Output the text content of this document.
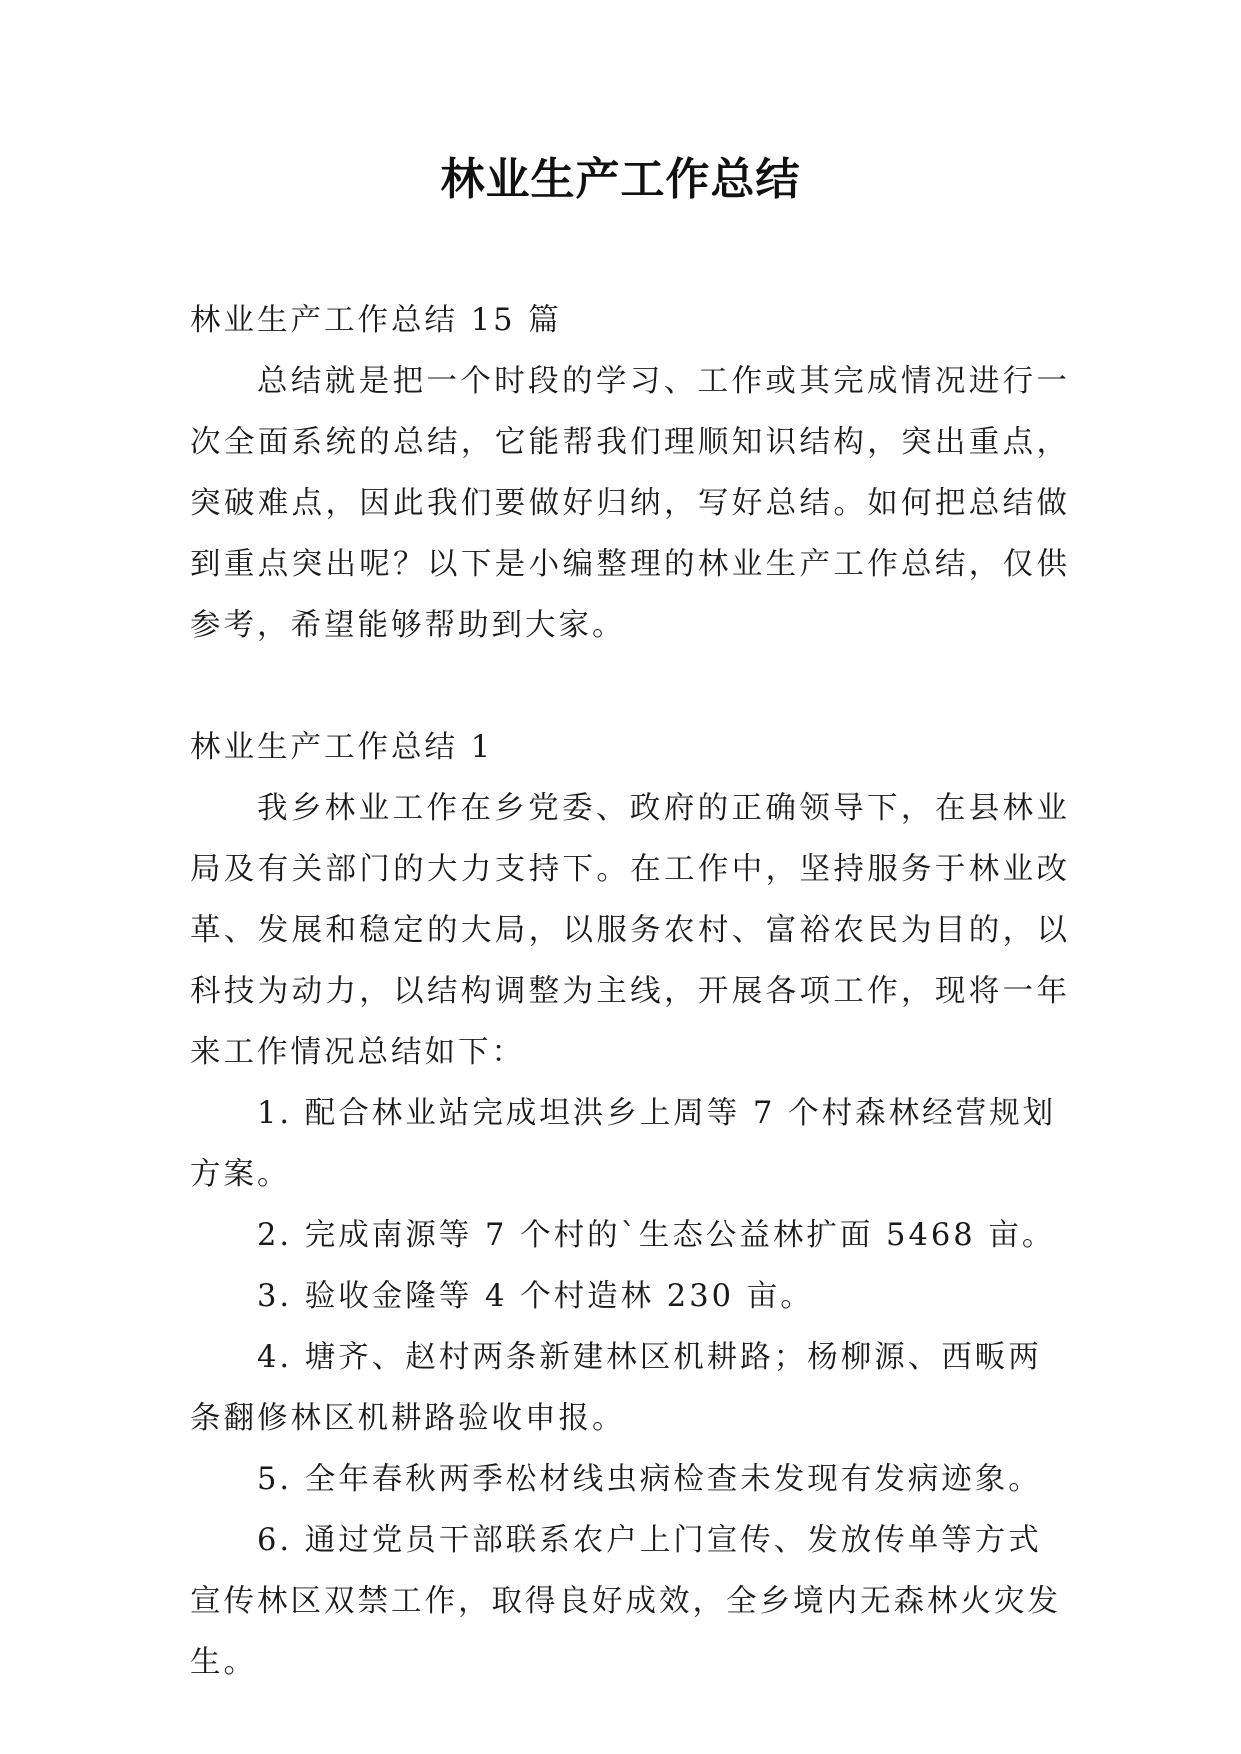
林业生产工作总结

林业生产工作总结 15 篇

总结就是把一个时段的学习、工作或其完成情况进行一次全面系统的总结，它能帮我们理顺知识结构，突出重点，突破难点，因此我们要做好归纳，写好总结。如何把总结做到重点突出呢？以下是小编整理的林业生产工作总结，仅供参考，希望能够帮助到大家。

林业生产工作总结 1

我乡林业工作在乡党委、政府的正确领导下，在县林业局及有关部门的大力支持下。在工作中，坚持服务于林业改革、发展和稳定的大局，以服务农村、富裕农民为目的，以科技为动力，以结构调整为主线，开展各项工作，现将一年来工作情况总结如下：

1. 配合林业站完成坦洪乡上周等 7 个村森林经营规划方案。

2. 完成南源等 7 个村的`生态公益林扩面 5468 亩。

3. 验收金隆等 4 个村造林 230 亩。

4. 塘齐、赵村两条新建林区机耕路；杨柳源、西畈两条翻修林区机耕路验收申报。

5. 全年春秋两季松材线虫病检查未发现有发病迹象。

6. 通过党员干部联系农户上门宣传、发放传单等方式宣传林区双禁工作，取得良好成效，全乡境内无森林火灾发生。
